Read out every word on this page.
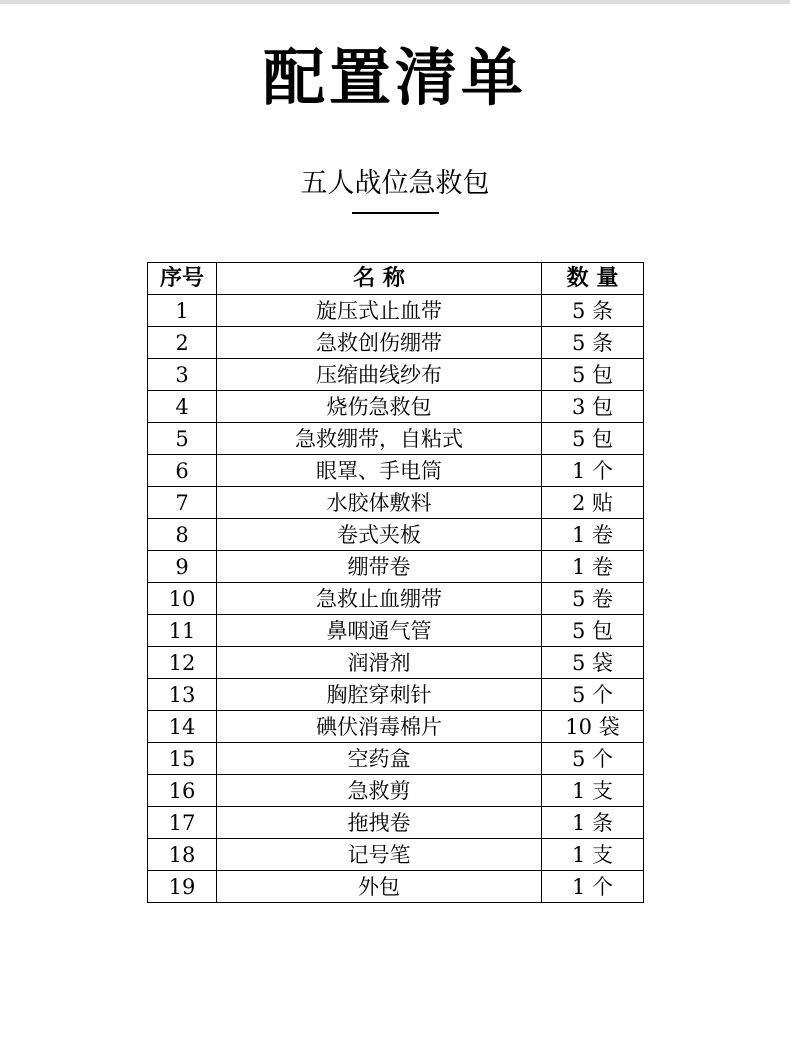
配置清单
五人战位急救包
序号	名 称	数 量
1	旋压式止血带	5 条
2	急救创伤绷带	5 条
3	压缩曲线纱布	5 包
4	烧伤急救包	3 包
5	急救绷带，自粘式	5 包
6	眼罩、手电筒	1 个
7	水胶体敷料	2 贴
8	卷式夹板	1 卷
9	绷带卷	1 卷
10	急救止血绷带	5 卷
11	鼻咽通气管	5 包
12	润滑剂	5 袋
13	胸腔穿刺针	5 个
14	碘伏消毒棉片	10 袋
15	空药盒	5 个
16	急救剪	1 支
17	拖拽卷	1 条
18	记号笔	1 支
19	外包	1 个
